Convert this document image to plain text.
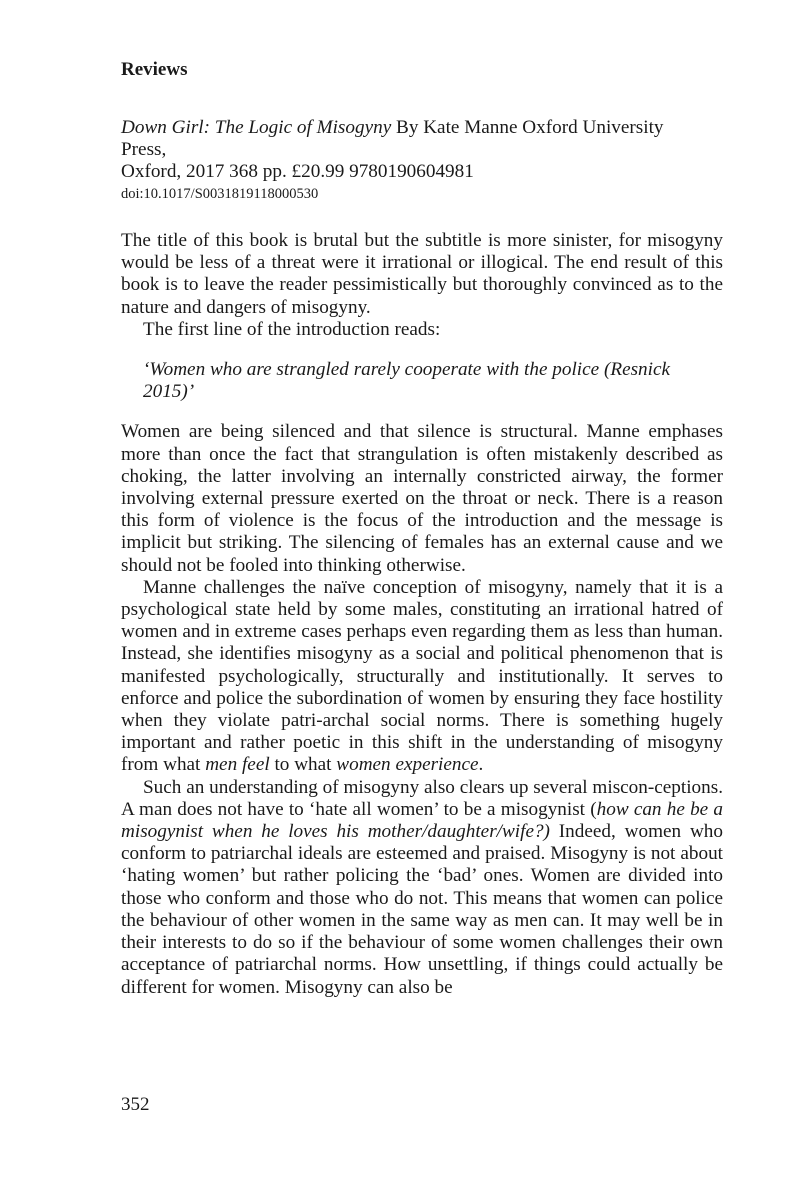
Reviews
Down Girl: The Logic of Misogyny By Kate Manne Oxford University Press,
Oxford, 2017 368 pp. £20.99 9780190604981
doi:10.1017/S0031819118000530

The title of this book is brutal but the subtitle is more sinister, for misogyny would be less of a threat were it irrational or illogical. The end result of this book is to leave the reader pessimistically but thoroughly convinced as to the nature and dangers of misogyny.

The first line of the introduction reads:

‘Women who are strangled rarely cooperate with the police (Resnick
2015)’

Women are being silenced and that silence is structural. Manne emphases more than once the fact that strangulation is often mistakenly described as choking, the latter involving an internally constricted airway, the former involving external pressure exerted on the throat or neck. There is a reason this form of violence is the focus of the introduction and the message is implicit but striking. The silencing of females has an external cause and we should not be fooled into thinking otherwise.

Manne challenges the naïve conception of misogyny, namely that it is a psychological state held by some males, constituting an irrational hatred of women and in extreme cases perhaps even regarding them as less than human. Instead, she identifies misogyny as a social and political phenomenon that is manifested psychologically, structurally and institutionally. It serves to enforce and police the subordination of women by ensuring they face hostility when they violate patri-archal social norms. There is something hugely important and rather poetic in this shift in the understanding of misogyny from what men feel to what women experience.

Such an understanding of misogyny also clears up several miscon-ceptions. A man does not have to ‘hate all women’ to be a misogynist (how can he be a misogynist when he loves his mother/daughter/wife?) Indeed, women who conform to patriarchal ideals are esteemed and praised. Misogyny is not about ‘hating women’ but rather policing the ‘bad’ ones. Women are divided into those who conform and those who do not. This means that women can police the behaviour of other women in the same way as men can. It may well be in their interests to do so if the behaviour of some women challenges their own acceptance of patriarchal norms. How unsettling, if things could actually be different for women. Misogyny can also be

352
